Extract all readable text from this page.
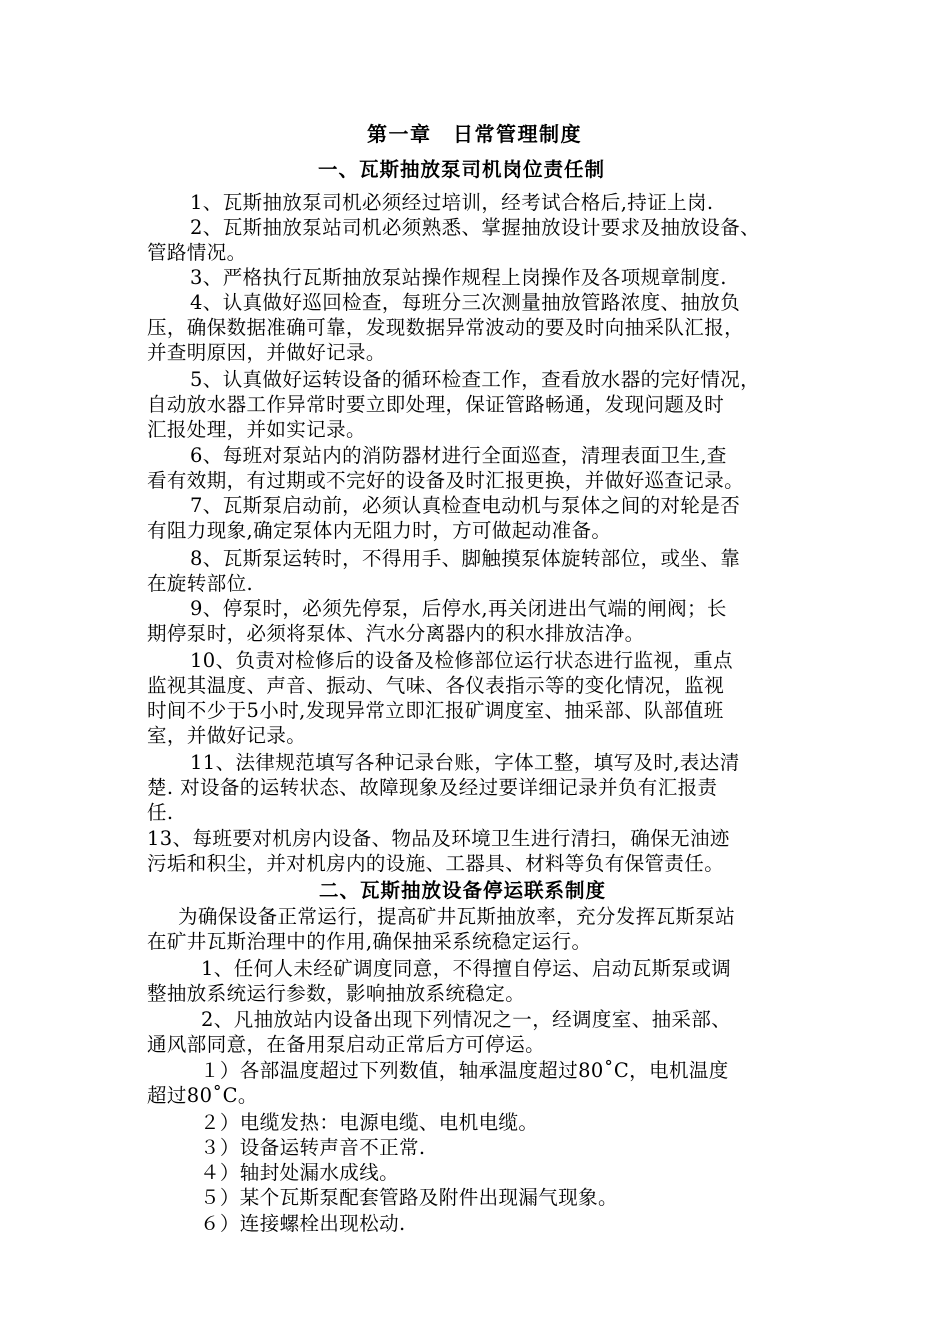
第一章　日常管理制度
一、瓦斯抽放泵司机岗位责任制
1、瓦斯抽放泵司机必须经过培训，经考试合格后,持证上岗.
2、瓦斯抽放泵站司机必须熟悉、掌握抽放设计要求及抽放设备、
管路情况。
3、严格执行瓦斯抽放泵站操作规程上岗操作及各项规章制度.
4、认真做好巡回检查，每班分三次测量抽放管路浓度、抽放负
压，确保数据准确可靠，发现数据异常波动的要及时向抽采队汇报，
并查明原因，并做好记录。
5、认真做好运转设备的循环检查工作，查看放水器的完好情况，
自动放水器工作异常时要立即处理，保证管路畅通，发现问题及时
汇报处理，并如实记录。
6、每班对泵站内的消防器材进行全面巡查，清理表面卫生,查
看有效期，有过期或不完好的设备及时汇报更换，并做好巡查记录。
7、瓦斯泵启动前，必须认真检查电动机与泵体之间的对轮是否
有阻力现象,确定泵体内无阻力时，方可做起动准备。
8、瓦斯泵运转时，不得用手、脚触摸泵体旋转部位，或坐、靠
在旋转部位.
9、停泵时，必须先停泵，后停水,再关闭进出气端的闸阀；长
期停泵时，必须将泵体、汽水分离器内的积水排放洁净。
10、负责对检修后的设备及检修部位运行状态进行监视，重点
监视其温度、声音、振动、气味、各仪表指示等的变化情况，监视
时间不少于5小时,发现异常立即汇报矿调度室、抽采部、队部值班
室，并做好记录。
11、法律规范填写各种记录台账，字体工整，填写及时,表达清
楚. 对设备的运转状态、故障现象及经过要详细记录并负有汇报责
任.
13、每班要对机房内设备、物品及环境卫生进行清扫，确保无油迹
污垢和积尘，并对机房内的设施、工器具、材料等负有保管责任。
二、瓦斯抽放设备停运联系制度
为确保设备正常运行，提高矿井瓦斯抽放率，充分发挥瓦斯泵站
在矿井瓦斯治理中的作用,确保抽采系统稳定运行。
1、任何人未经矿调度同意，不得擅自停运、启动瓦斯泵或调
整抽放系统运行参数，影响抽放系统稳定。
2、凡抽放站内设备出现下列情况之一，经调度室、抽采部、
通风部同意，在备用泵启动正常后方可停运。
１）各部温度超过下列数值，轴承温度超过80˚C，电机温度
超过80˚C。
２）电缆发热：电源电缆、电机电缆。
３）设备运转声音不正常.
４）轴封处漏水成线。
５）某个瓦斯泵配套管路及附件出现漏气现象。
６）连接螺栓出现松动.
